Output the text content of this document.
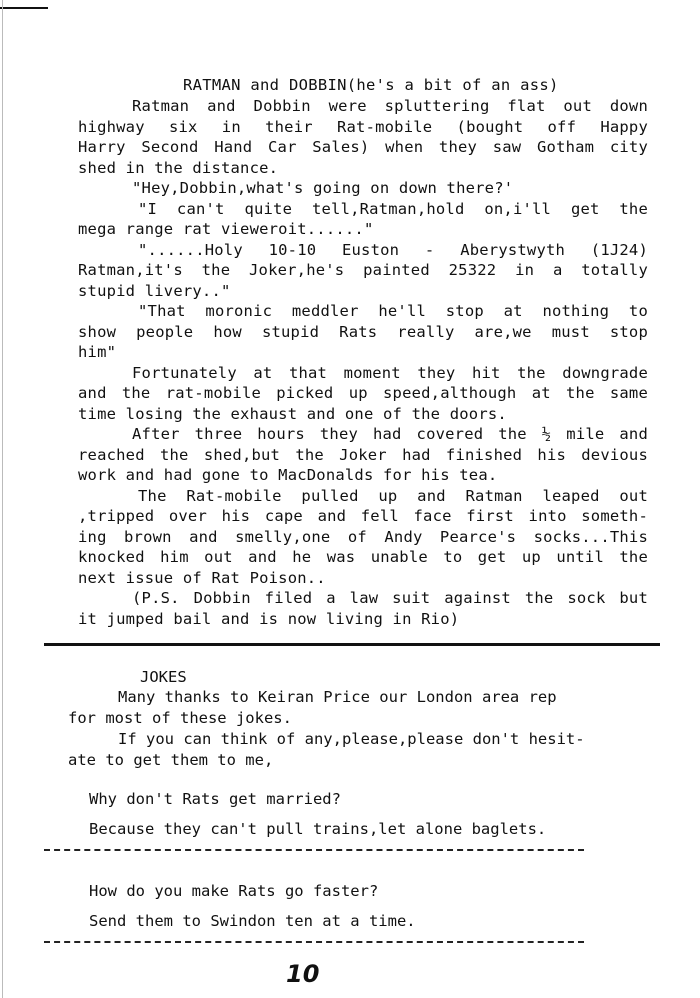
RATMAN and DOBBIN(he's a bit of an ass)
Ratman and Dobbin were spluttering flat out down
highway six in their Rat-mobile (bought off Happy
Harry Second Hand Car Sales) when they saw Gotham city
shed in the distance.
"Hey,Dobbin,what's going on down there?'
"I can't quite tell,Ratman,hold on,i'll get the
mega range rat vieweroit......"
"......Holy 10-10 Euston - Aberystwyth (1J24)
Ratman,it's the Joker,he's painted 25322 in a totally
stupid livery.."
"That moronic meddler he'll stop at nothing to
show people how stupid Rats really are,we must stop
him"
Fortunately at that moment they hit the downgrade
and the rat-mobile picked up speed,although at the same
time losing the exhaust and one of the doors.
After three hours they had covered the ½ mile and
reached the shed,but the Joker had finished his devious
work and had gone to MacDonalds for his tea.
The Rat-mobile pulled up and Ratman leaped out
,tripped over his cape and fell face first into someth-
ing brown and smelly,one of Andy Pearce's socks...This
knocked him out and he was unable to get up until the
next issue of Rat Poison..
(P.S. Dobbin filed a law suit against the sock but
it jumped bail and is now living in Rio)
JOKES
Many thanks to Keiran Price our London area rep
for most of these jokes.
If you can think of any,please,please don't hesit-
ate to get them to me,
Why don't Rats get married?
Because they can't pull trains,let alone baglets.
How do you make Rats go faster?
Send them to Swindon ten at a time.
10
